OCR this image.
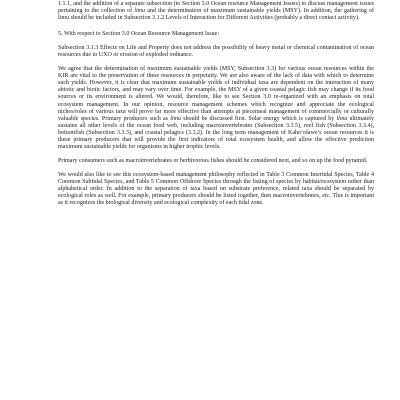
1.1.1, and the addition of a separate subsection (to Section 3.0 Ocean resource Management Issues) to discuss management issues pertaining to the collection of limu and the determination of maximum sustainable yields (MSY). In addition, the gathering of limu should be included in Subsection 3.1.2 Levels of Interaction for Different Activities (probably a direct contact activity).

5. With respect to Section 3.0 Ocean Resource Management Issue:

Subsection 3.1.3 Effects on Life and Property does not address the possibility of heavy metal or chemical contamination of ocean resources due to UXO or erosion of exploded ordnance.

We agree that the determination of maximum sustainable yields (MSY, Subsection 3.3) for various ocean resources within the KIR are vital to the preservation of these resources in perpetuity. We are also aware of the lack of data with which to determine such yields. However, it is clear that maximum sustainable yields of individual taxa are dependent on the interaction of many abiotic and biotic factors, and may vary over time. For example, the MSY of a given coastal pelagic fish may change if its food sources or its environment is altered. We would, therefore, like to see Section 3.0 re-organized with an emphasis on total ecosystem management. In our opinion, resource management schemes which recognize and appreciate the ecological niches/roles of various taxa will prove far more effective than attempts at piecemeal management of commercially or culturally valuable species. Primary producers such as limu should be discussed first. Solar energy which is captured by limu ultimately sustains all other levels of the ocean food web, including macroinvertebrates (Subsection 3.3.5), reef fish (Subsection 3.3.4), bottomfish (Subsection 3.3.3), and coastal pelagics (3.3.2). In the long term management of Kaho‘olawe’s ocean resources it is these primary producers that will provide the first indicators of total ecosystem health, and allow the effective prediction maximum sustainable yields for organisms in higher trophic levels.

Primary consumers such as macroinvertebrates or herbivorous fishes should be considered next, and so on up the food pyramid.

We would also like to see this ecosystem-based management philosophy reflected in Table 3 Common Intertidal Species, Table 4 Common Subtidal Species, and Table 5 Common Offshore Species through the listing of species by habitat/ecosystem rather than alphabetical order. In addition to the separation of taxa based on substrate preference, related taxa should be separated by ecological roles as well. For example, primary producers should be listed together, then macroinvertebrates, etc. This is important as it recognizes the biological diversity and ecological complexity of each tidal zone.
